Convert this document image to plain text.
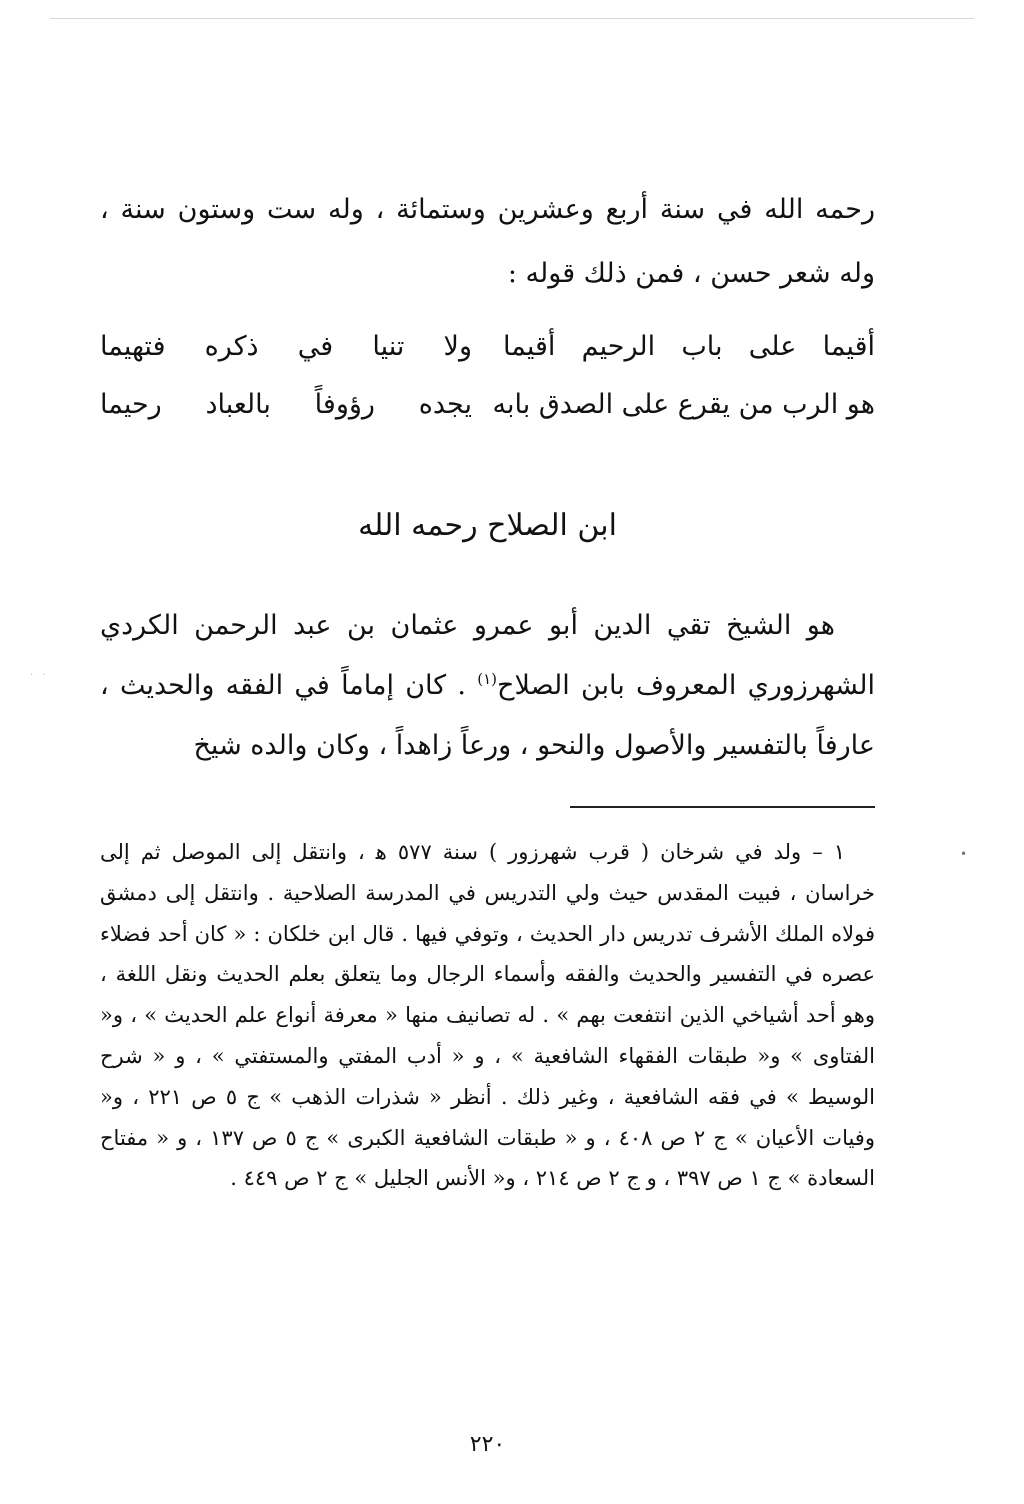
رحمه الله في سنة أربع وعشرين وستمائة ، وله ست وستون سنة ، وله شعر حسن ، فمن ذلك قوله :

أقيما على باب الرحيم أقيما
ولا تنيا في ذكره فتهيما
هو الرب من يقرع على الصدق بابه
يجده رؤوفاً بالعباد رحيما
ابن الصلاح رحمه الله

هو الشيخ تقي الدين أبو عمرو عثمان بن عبد الرحمن الكردي الشهرزوري المعروف بابن الصلاح$^{(١)}$ . كان إماماً في الفقه والحديث ، عارفاً بالتفسير والأصول والنحو ، ورعاً زاهداً ، وكان والده شيخ

١ – ولد في شرخان ( قرب شهرزور ) سنة ٥٧٧ ﻫ ، وانتقل إلى الموصل ثم إلى خراسان ، فبيت المقدس حيث ولي التدريس في المدرسة الصلاحية . وانتقل إلى دمشق فولاه الملك الأشرف تدريس دار الحديث ، وتوفي فيها . قال ابن خلكان : « كان أحد فضلاء عصره في التفسير والحديث والفقه وأسماء الرجال وما يتعلق بعلم الحديث ونقل اللغة ، وهو أحد أشياخي الذين انتفعت بهم » . له تصانيف منها « معرفة أنواع علم الحديث » ، و« الفتاوى » و« طبقات الفقهاء الشافعية » ، و « أدب المفتي والمستفتي » ، و « شرح الوسيط » في فقه الشافعية ، وغير ذلك . أنظر « شذرات الذهب » ج ٥ ص ٢٢١ ، و« وفيات الأعيان » ج ٢ ص ٤٠٨ ، و « طبقات الشافعية الكبرى » ج ٥ ص ١٣٧ ، و « مفتاح السعادة » ج ١ ص ٣٩٧ ، و ج ٢ ص ٢١٤ ، و« الأنس الجليل » ج ٢ ص ٤٤٩ .

٢٢٠
•
· ·
